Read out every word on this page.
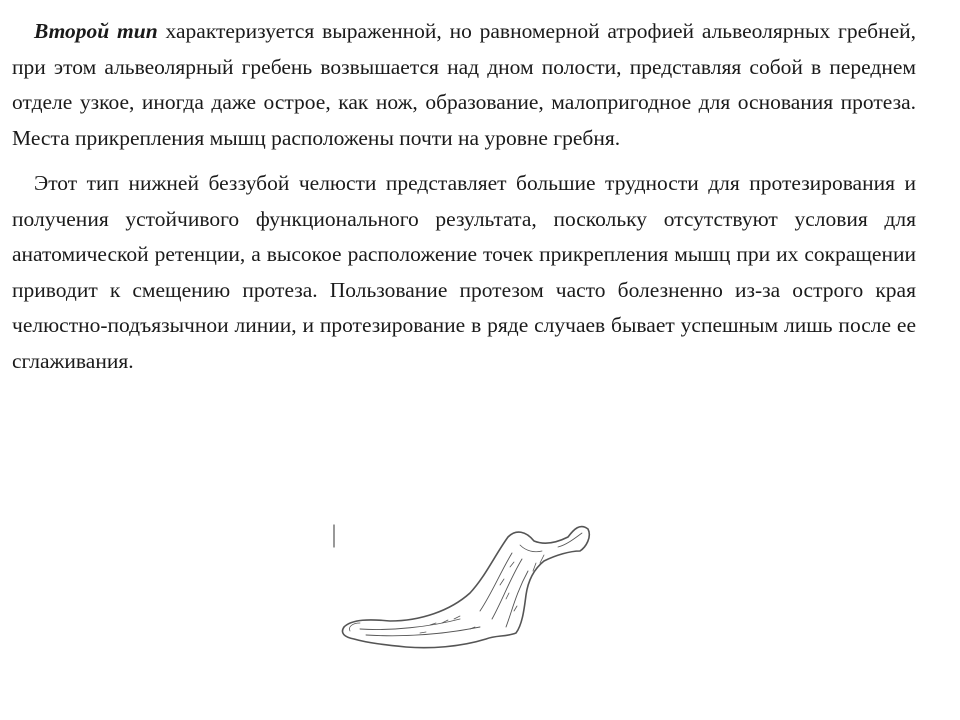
Второй тип характеризуется выраженной, но равномерной атрофией альвеолярных гребней, при этом альвеолярный гребень возвышается над дном полости, представляя собой в переднем отделе узкое, иногда даже острое, как нож, образование, малопригодное для основания протеза. Места прикрепления мышц расположены почти на уровне гребня.

Этот тип нижней беззубой челюсти представляет большие трудности для протезирования и получения устойчивого функционального результата, поскольку отсутствуют условия для анатомической ретенции, а высокое расположение точек прикрепления мышц при их сокращении приводит к смещению протеза. Пользование протезом часто болезненно из-за острого края челюстно-подъязычнои линии, и протезирование в ряде случаев бывает успешным лишь после ее сглаживания.
